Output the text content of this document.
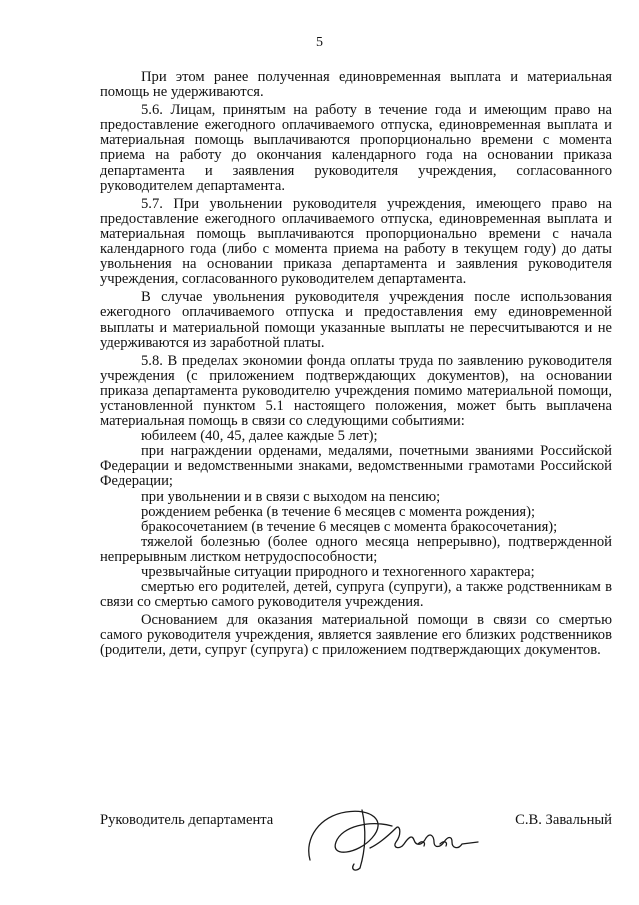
5

При этом ранее полученная единовременная выплата и материальная помощь не удерживаются.

5.6. Лицам, принятым на работу в течение года и имеющим право на предоставление ежегодного оплачиваемого отпуска, единовременная выплата и материальная помощь выплачиваются пропорционально времени с момента приема на работу до окончания календарного года на основании приказа департамента и заявления руководителя учреждения, согласованного руководителем департамента.

5.7. При увольнении руководителя учреждения, имеющего право на предоставление ежегодного оплачиваемого отпуска, единовременная выплата и материальная помощь выплачиваются пропорционально времени с начала календарного года (либо с момента приема на работу в текущем году) до даты увольнения на основании приказа департамента и заявления руководителя учреждения, согласованного руководителем департамента.

В случае увольнения руководителя учреждения после использования ежегодного оплачиваемого отпуска и предоставления ему единовременной выплаты и материальной помощи указанные выплаты не пересчитываются и не удерживаются из заработной платы.

5.8. В пределах экономии фонда оплаты труда по заявлению руководителя учреждения (с приложением подтверждающих документов), на основании приказа департамента руководителю учреждения помимо материальной помощи, установленной пунктом 5.1 настоящего положения, может быть выплачена материальная помощь в связи со следующими событиями:

юбилеем (40, 45, далее каждые 5 лет);

при награждении орденами, медалями, почетными званиями Российской Федерации и ведомственными знаками, ведомственными грамотами Российской Федерации;

при увольнении и в связи с выходом на пенсию;

рождением ребенка (в течение 6 месяцев с момента рождения);

бракосочетанием (в течение 6 месяцев с момента бракосочетания);

тяжелой болезнью (более одного месяца непрерывно), подтвержденной непрерывным листком нетрудоспособности;

чрезвычайные ситуации природного и техногенного характера;

смертью его родителей, детей, супруга (супруги), а также родственникам в связи со смертью самого руководителя учреждения.

Основанием для оказания материальной помощи в связи со смертью самого руководителя учреждения, является заявление его близких родственников (родители, дети, супруг (супруга) с приложением подтверждающих документов.

Руководитель департамента	С.В. Завальный
